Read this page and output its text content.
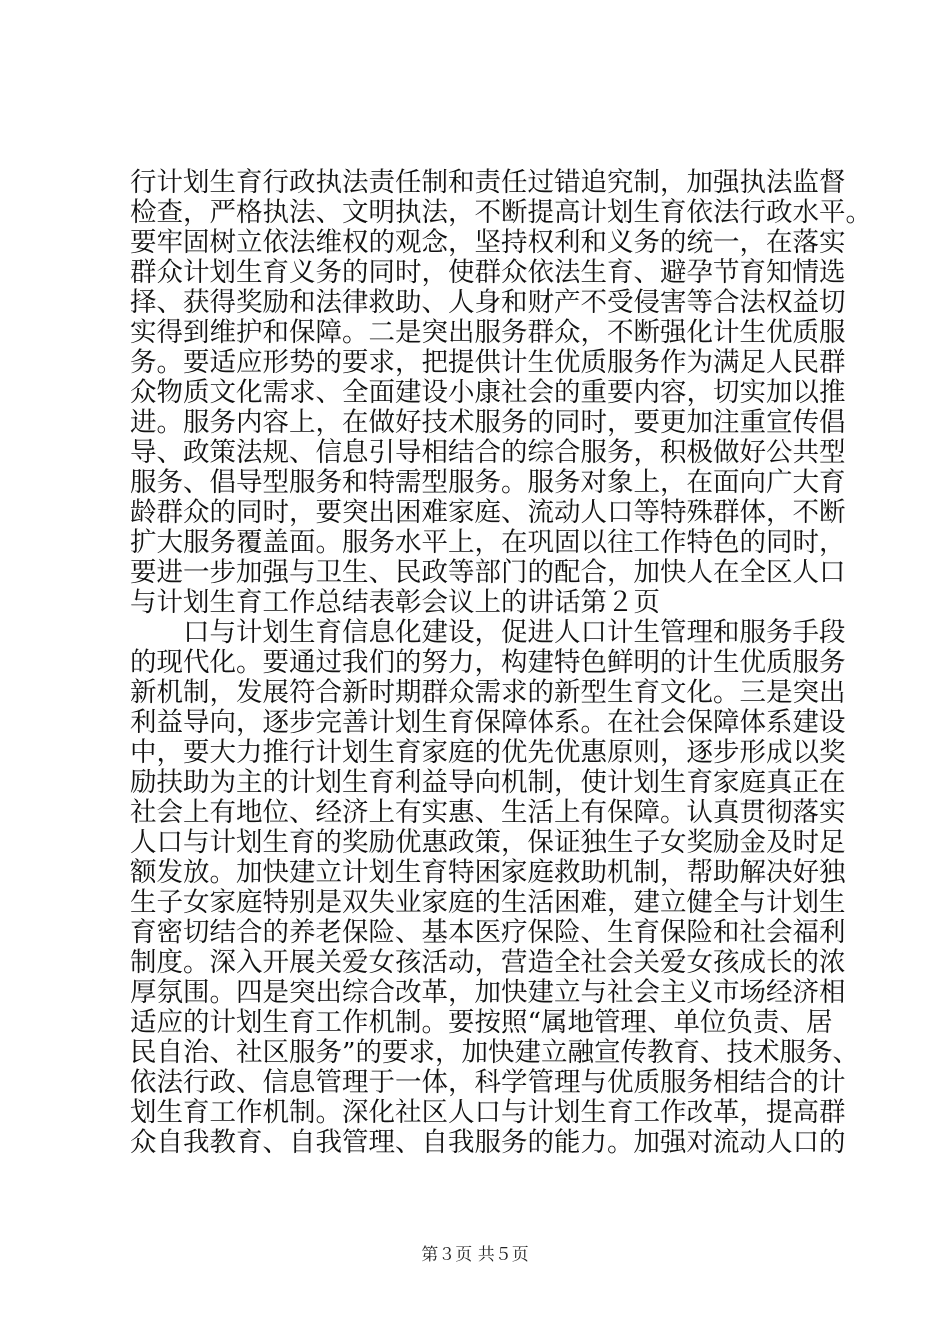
行计划生育行政执法责任制和责任过错追究制，加强执法监督
检查，严格执法、文明执法，不断提高计划生育依法行政水平。
要牢固树立依法维权的观念，坚持权利和义务的统一，在落实
群众计划生育义务的同时，使群众依法生育、避孕节育知情选
择、获得奖励和法律救助、人身和财产不受侵害等合法权益切
实得到维护和保障。二是突出服务群众，不断强化计生优质服
务。要适应形势的要求，把提供计生优质服务作为满足人民群
众物质文化需求、全面建设小康社会的重要内容，切实加以推
进。服务内容上，在做好技术服务的同时，要更加注重宣传倡
导、政策法规、信息引导相结合的综合服务，积极做好公共型
服务、倡导型服务和特需型服务。服务对象上，在面向广大育
龄群众的同时，要突出困难家庭、流动人口等特殊群体，不断
扩大服务覆盖面。服务水平上，在巩固以往工作特色的同时，
要进一步加强与卫生、民政等部门的配合，加快人在全区人口
与计划生育工作总结表彰会议上的讲话第２页
口与计划生育信息化建设，促进人口计生管理和服务手段
的现代化。要通过我们的努力，构建特色鲜明的计生优质服务
新机制，发展符合新时期群众需求的新型生育文化。三是突出
利益导向，逐步完善计划生育保障体系。在社会保障体系建设
中，要大力推行计划生育家庭的优先优惠原则，逐步形成以奖
励扶助为主的计划生育利益导向机制，使计划生育家庭真正在
社会上有地位、经济上有实惠、生活上有保障。认真贯彻落实
人口与计划生育的奖励优惠政策，保证独生子女奖励金及时足
额发放。加快建立计划生育特困家庭救助机制，帮助解决好独
生子女家庭特别是双失业家庭的生活困难，建立健全与计划生
育密切结合的养老保险、基本医疗保险、生育保险和社会福利
制度。深入开展关爱女孩活动，营造全社会关爱女孩成长的浓
厚氛围。四是突出综合改革，加快建立与社会主义市场经济相
适应的计划生育工作机制。要按照“属地管理、单位负责、居
民自治、社区服务”的要求，加快建立融宣传教育、技术服务、
依法行政、信息管理于一体，科学管理与优质服务相结合的计
划生育工作机制。深化社区人口与计划生育工作改革，提高群
众自我教育、自我管理、自我服务的能力。加强对流动人口的
第３页 共５页
